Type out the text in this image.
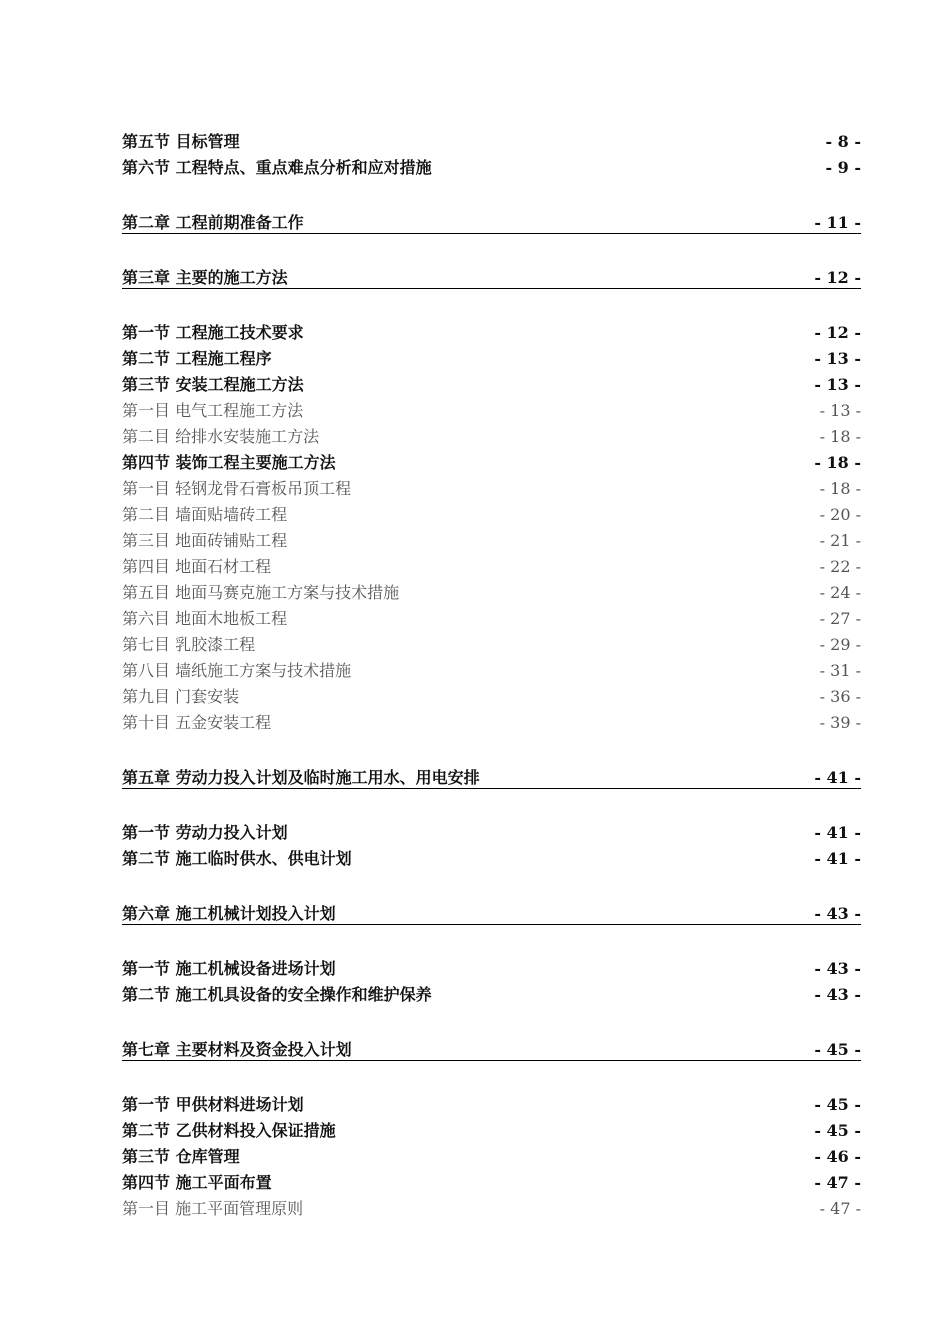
第五节 目标管理	- 8 -
第六节 工程特点、重点难点分析和应对措施	- 9 -
第二章 工程前期准备工作	- 11 -
第三章 主要的施工方法	- 12 -
第一节 工程施工技术要求	- 12 -
第二节 工程施工程序	- 13 -
第三节 安装工程施工方法	- 13 -
第一目 电气工程施工方法	- 13 -
第二目 给排水安装施工方法	- 18 -
第四节 装饰工程主要施工方法	- 18 -
第一目 轻钢龙骨石膏板吊顶工程	- 18 -
第二目 墙面贴墙砖工程	- 20 -
第三目 地面砖铺贴工程	- 21 -
第四目 地面石材工程	- 22 -
第五目 地面马赛克施工方案与技术措施	- 24 -
第六目 地面木地板工程	- 27 -
第七目 乳胶漆工程	- 29 -
第八目 墙纸施工方案与技术措施	- 31 -
第九目 门套安装	- 36 -
第十目 五金安装工程	- 39 -
第五章 劳动力投入计划及临时施工用水、用电安排	- 41 -
第一节 劳动力投入计划	- 41 -
第二节 施工临时供水、供电计划	- 41 -
第六章 施工机械计划投入计划	- 43 -
第一节 施工机械设备进场计划	- 43 -
第二节 施工机具设备的安全操作和维护保养	- 43 -
第七章 主要材料及资金投入计划	- 45 -
第一节 甲供材料进场计划	- 45 -
第二节 乙供材料投入保证措施	- 45 -
第三节 仓库管理	- 46 -
第四节 施工平面布置	- 47 -
第一目 施工平面管理原则	- 47 -
